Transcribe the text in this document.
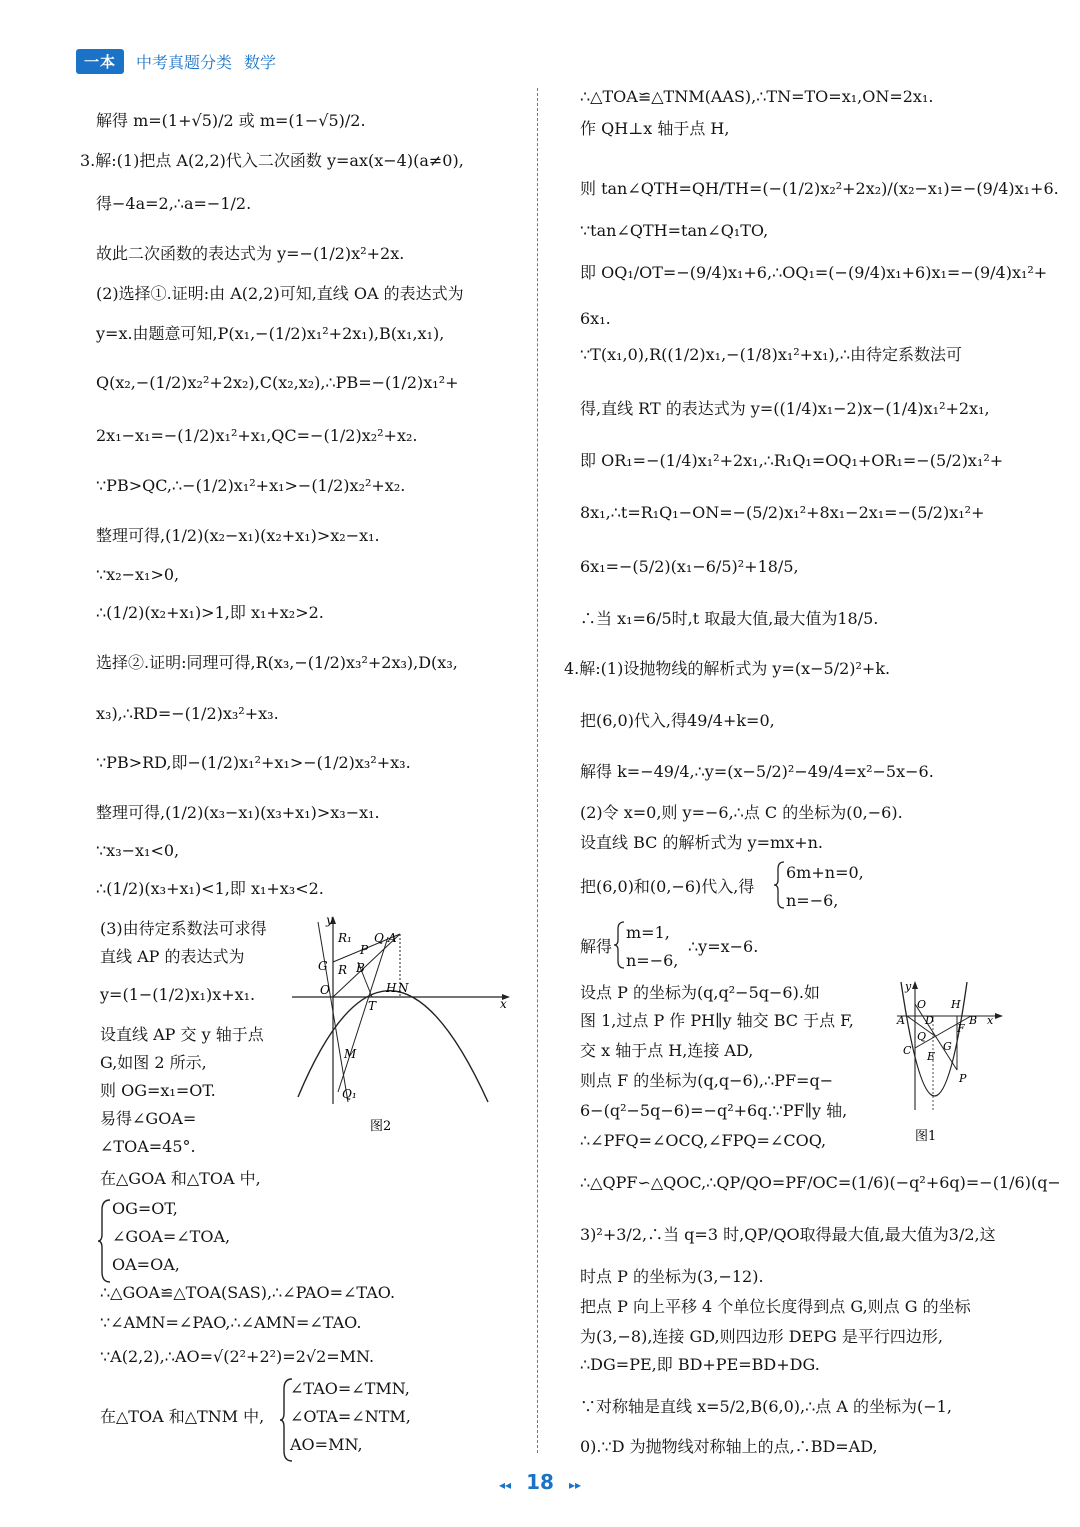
一本	中考真题分类 数学
解得 m=(1+√5)/2 或 m=(1−√5)/2.
3.解:(1)把点 A(2,2)代入二次函数 y=ax(x−4)(a≠0),
得−4a=2,∴a=−1/2.
故此二次函数的表达式为 y=−(1/2)x²+2x.
(2)选择①.证明:由 A(2,2)可知,直线 OA 的表达式为
y=x.由题意可知,P(x₁,−(1/2)x₁²+2x₁),B(x₁,x₁),
Q(x₂,−(1/2)x₂²+2x₂),C(x₂,x₂),∴PB=−(1/2)x₁²+
2x₁−x₁=−(1/2)x₁²+x₁,QC=−(1/2)x₂²+x₂.
∵PB>QC,∴−(1/2)x₁²+x₁>−(1/2)x₂²+x₂.
整理可得,(1/2)(x₂−x₁)(x₂+x₁)>x₂−x₁.
∵x₂−x₁>0,
∴(1/2)(x₂+x₁)>1,即 x₁+x₂>2.
选择②.证明:同理可得,R(x₃,−(1/2)x₃²+2x₃),D(x₃,
x₃),∴RD=−(1/2)x₃²+x₃.
∵PB>RD,即−(1/2)x₁²+x₁>−(1/2)x₃²+x₃.
整理可得,(1/2)(x₃−x₁)(x₃+x₁)>x₃−x₁.
∵x₃−x₁<0,
∴(1/2)(x₃+x₁)<1,即 x₁+x₃<2.
(3)由待定系数法可求得
直线 AP 的表达式为
y=(1−(1/2)x₁)x+x₁.
设直线 AP 交 y 轴于点
G,如图 2 所示,
则 OG=x₁=OT.
易得∠GOA=
∠TOA=45°.
在△GOA 和△TOA 中,
OG=OT,
∠GOA=∠TOA,
OA=OA,
∴△GOA≌△TOA(SAS),∴∠PAO=∠TAO.
∵∠AMN=∠PAO,∴∠AMN=∠TAO.
∵A(2,2),∴AO=√(2²+2²)=2√2=MN.
∠TAO=∠TMN,
在△TOA 和△TNM 中, ∠OTA=∠NTM,
AO=MN,
∴△TOA≌△TNM(AAS),∴TN=TO=x₁,ON=2x₁.
作 QH⊥x 轴于点 H,
则 tan∠QTH=QH/TH=(−(1/2)x₂²+2x₂)/(x₂−x₁)=−(9/4)x₁+6.
∵tan∠QTH=tan∠Q₁TO,
即 OQ₁/OT=−(9/4)x₁+6,∴OQ₁=(−(9/4)x₁+6)x₁=−(9/4)x₁²+
6x₁.
∵T(x₁,0),R((1/2)x₁,−(1/8)x₁²+x₁),∴由待定系数法可
得,直线 RT 的表达式为 y=((1/4)x₁−2)x−(1/4)x₁²+2x₁,
即 OR₁=−(1/4)x₁²+2x₁,∴R₁Q₁=OQ₁+OR₁=−(5/2)x₁²+
8x₁,∴t=R₁Q₁−ON=−(5/2)x₁²+8x₁−2x₁=−(5/2)x₁²+
6x₁=−(5/2)(x₁−6/5)²+18/5,
∴当 x₁=6/5时,t 取最大值,最大值为18/5.
4.解:(1)设抛物线的解析式为 y=(x−5/2)²+k.
把(6,0)代入,得49/4+k=0,
解得 k=−49/4,∴y=(x−5/2)²−49/4=x²−5x−6.
(2)令 x=0,则 y=−6,∴点 C 的坐标为(0,−6).
设直线 BC 的解析式为 y=mx+n.
6m+n=0,
把(6,0)和(0,−6)代入,得
n=−6,
m=1,
解得
n=−6,
∴y=x−6.
设点 P 的坐标为(q,q²−5q−6).如
图 1,过点 P 作 PH∥y 轴交 BC 于点 F,
交 x 轴于点 H,连接 AD,
则点 F 的坐标为(q,q−6),∴PF=q−
6−(q²−5q−6)=−q²+6q.∵PF∥y 轴,
∴∠PFQ=∠OCQ,∠FPQ=∠COQ,
∴△QPF∽△QOC,∴QP/QO=PF/OC=(1/6)(−q²+6q)=−(1/6)(q−
3)²+3/2,∴当 q=3 时,QP/QO取得最大值,最大值为3/2,这
时点 P 的坐标为(3,−12).
把点 P 向上平移 4 个单位长度得到点 G,则点 G 的坐标
为(3,−8),连接 GD,则四边形 DEPG 是平行四边形,
∴DG=PE,即 BD+PE=BD+DG.
∵对称轴是直线 x=5/2,B(6,0),∴点 A 的坐标为(−1,
0).∵D 为抛物线对称轴上的点,∴BD=AD,
y
x
R₁ Q A
P
G R B
O	H N
T
M
Q₁
图2
y
O H
A D	B x
Q
F
G
C E
P
图1
◂◂ 18 ▸▸
